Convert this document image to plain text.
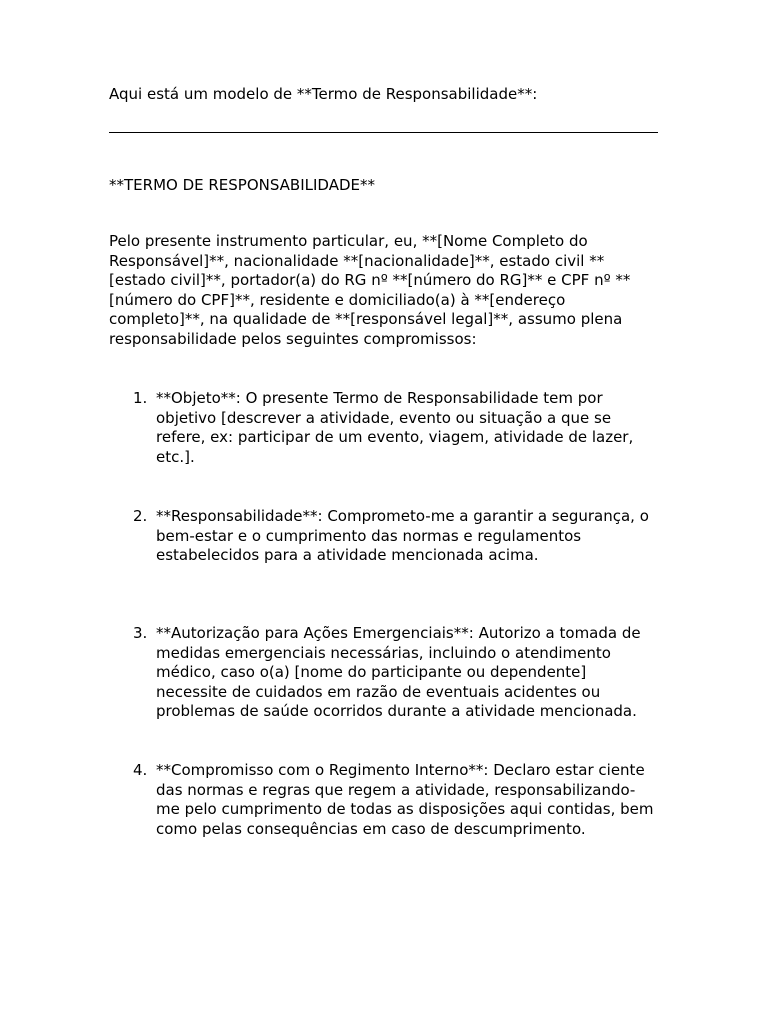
Aqui está um modelo de **Termo de Responsabilidade**:

**TERMO DE RESPONSABILIDADE**

Pelo presente instrumento particular, eu, **[Nome Completo do Responsável]**, nacionalidade **[nacionalidade]**, estado civil **[estado civil]**, portador(a) do RG nº **[número do RG]** e CPF nº **[número do CPF]**, residente e domiciliado(a) à **[endereço completo]**, na qualidade de **[responsável legal]**, assumo plena responsabilidade pelos seguintes compromissos:

1. **Objeto**: O presente Termo de Responsabilidade tem por objetivo [descrever a atividade, evento ou situação a que se refere, ex: participar de um evento, viagem, atividade de lazer, etc.].
2. **Responsabilidade**: Comprometo-me a garantir a segurança, o bem-estar e o cumprimento das normas e regulamentos estabelecidos para a atividade mencionada acima.
3. **Autorização para Ações Emergenciais**: Autorizo a tomada de medidas emergenciais necessárias, incluindo o atendimento médico, caso o(a) [nome do participante ou dependente] necessite de cuidados em razão de eventuais acidentes ou problemas de saúde ocorridos durante a atividade mencionada.
4. **Compromisso com o Regimento Interno**: Declaro estar ciente das normas e regras que regem a atividade, responsabilizando-me pelo cumprimento de todas as disposições aqui contidas, bem como pelas consequências em caso de descumprimento.
